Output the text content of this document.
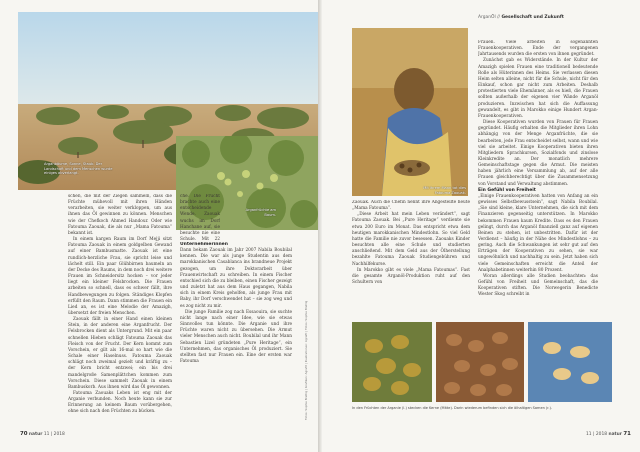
Arganbäume, Sonne, Staub. Der Landschaft und dem Menschen wurde einiges abverlangt.
Arganfrüchte am Baum.

schen, die mit der Ziegen sammeln, dass die Früchte mühevoll mit ihren Händen verarbeiten, sie weiter verkloppen, um aus ihnen das Öl gewinnen zu können. Menschen wie der Chefkoch Ahmed Handour. Oder wie Fatouma Zaouak, die als nur „Mama Fatouma“ bekannt ist.

In einem kargen Raum im Dorf Mejji sitzt Fatouma Zaouak in einem goldgelben Gewand auf einer Bambusmatte. Zaouak ist eine rundlich-herzliche Frau, sie spricht leise und lächelt still. Ein paar Glühbirnen baumeln an der Decke des Raums, in dem noch drei weitere Frauen im Schneidersitz hocken – vor jeder liegt ein kleiner Felsbrocken. Die Frauen arbeiten so schnell, dass es schwer fällt, ihre Handbewegungen zu folgen. Ständiges Klopfen erfüllt den Raum. Dann stimmen die Frauen ein Lied an, es ist eine Melodie der Amazigh, übersetzt der freien Menschen.

Zaouak fällt in einer Hand einen kleinen Stein, in der anderen eine Arganfrucht. Der Felsbrocken dient als Untergrund. Mit ein paar schnellen Hieben schlägt Fatouma Zaouak das Fleisch von der Frucht. Der Kern kommt zum Vorschein, er gilt als 16-mal so hart wie die Schale einer Haselnuss. Fatouma Zaouak schlägt noch zweimal gezielt und kräftig zu – der Kern bricht entzwei; ein bis drei mandelgroße Samenplättchen kommen zum Vorschein. Diese sammelt Zaouak in einem Bambuskorb. Aus ihnen wird das Öl gewonnen.

Fatouma Zaouaks Leben ist eng mit der Arganie verbunden. Noch heute kann sie zur Erinnerung an keinem Baum vorübergehen, ohne sich nach den Früchten zu bücken.

che. Die Frucht brachte auch eine entscheidende Wende. Zaouak wuchs im Dorf Hanchane auf, sie besuchte nie eine Schule. Mit 22

Unternehmerinnen

Dann bekam Zaouak im Jahr 2007 Nabila Boubilal kennen. Die war als junge Studentin aus dem marokkanischen Casablanca ins brandneue Projekt gezogen, um ihre Doktorarbeit über Frauenwirtschaft zu schreiben. In einem Fischer entschied sich die zu bleiben, einen Fischer gezeigt und zuletzt hat aus dem Haus gegangen, Nabila sich in einem Kreis geholfen, als junge Frau mit Baby, ihr Dorf verschwendet hat – sie zog weg und es zog nicht zu mir.

Die junge Familie zog nach Essaouira, sie suchte nicht lange nach einer Idee, wie sie etwas Sinnvolles tun könnte. Die Arganie und ihre Früchte waren nicht zu übersehen. Die Armut vieler Menschen auch nicht. Boubilal und ihr Mann Sebastien Lizel gründeten „Pure Heritage“, ein Unternehmen, das organisches Öl produziert. Sie stellten fast nur Frauen ein. Eine der ersten war Fatouma	Fotos: Sophie Brettig | Grafiken: Agrafit | Illustrationen: Agrafit | Fotos: Sophie Brettig
70 natur 11 | 2018
ArganÖl // Gesellschaft und Zukunft
Mit ihrem Mann tat dies Fatouma Zaouak.

Zaouak. Auch die Chefin nennt ihre Angestellte heute „Mama Fatouma“.

„Diese Arbeit hat mein Leben verändert“, sagt Fatouma Zaouak. Bei „Pure Heritage“ verdiente sie etwa 200 Euro im Monat. Das entspricht etwa dem heutigen marokkanischen Mindestlohn. So viel Geld hatte die Familie nie zuvor besessen. Zaouaks Kinder besuchten alle eine Schule und studierten anschließend. Mit dem Geld aus der Ölherstellung bezahlte Fatouma Zaouak Studiengebühren und Nachhilfekurse.

In Marokko gibt es viele „Mama Fatoumas“. Fast die gesamte Arganöl-Produktion ruht auf den Schultern von

Frauen. Viele arbeiten in sogenannten Frauenkooperativen. Ende der vergangenen Jahrtausends wurden die ersten von ihnen gegründet.

Zunächst gab es Widerstände. In der Kultur der Amazigh spielen Frauen eine traditionell bedeutende Rolle als Hüterinnen des Heims. Sie verlassen diesen Heim selten alleine, nicht für die Schule, nicht für den Einkauf, schon gar nicht zum Arbeiten. Deshalb protestierten viele Ehemänner, als es hieß, die Frauen sollten außerhalb der eigenen vier Wände Arganöl produzieren. Inzwischen hat sich die Auffassung gewandelt, es gibt in Marokko einige Hundert Argan-Frauenkooperativen.

Diese Kooperativen wurden von Frauen für Frauen gegründet. Häufig erhalten die Mitglieder ihren Lohn abhängig von der Menge Arganfrüchte, die sie bearbeiten, jede Frau entscheidet selbst, wann und wie viel sie arbeitet. Einige Kooperativen bieten ihren Mitgliedern Sprachkursen, Sozialfonds und zinslose Kleinkredite an. Der monatlich mehrere Gemeinschaftstage gegen die Armut. Die meisten haben jährlich eine Versammlung ab, auf der alle Frauen gleichberechtigt über die Zusammensetzung von Vorstand und Verwaltung abstimmen.

Ein Gefühl von Freiheit

„Einige Frauenkooperativen hatten von Anfang an ein gewisses Selbstbewusstsein“, sagt Nabila Boubilal. „Sie sind kleine, klare Unternehmen, die sich mit dem Finanzieren gegenseitig unterstützen. In Marokko bekommen Frauen kaum Kredite. Dass es den Frauen gelingt, durch das Arganöl finanziell ganz auf eigenen Beinen zu stehen, ist unbestritten. Dafür ist der Verdienst – häufig in der Nähe des Mindestlohns – zu gering. Auch die Schwankungen ist sehr gut auf den Erträgen der Kooperativen zu sehen, sie war ungewöhnlich und nachhaltig zu sein. Jetzt haben sich viele Gemeinschaften erreicht die Anteil der Analphabetinnen weiterhin 80 Prozent.

Woran allerdings alle Studien beobachten: das Gefühl von Freiheit und Gemeinschaft, das die Kooperativen stiften. Die Norwegerin Benedicte Wester Skog schreibt in

In den Früchten der Arganie (l.) stecken die Kerne (Mitte). Darin wiederum befinden sich die ölhaltigen Samen (r.).
11 | 2018 natur 71
